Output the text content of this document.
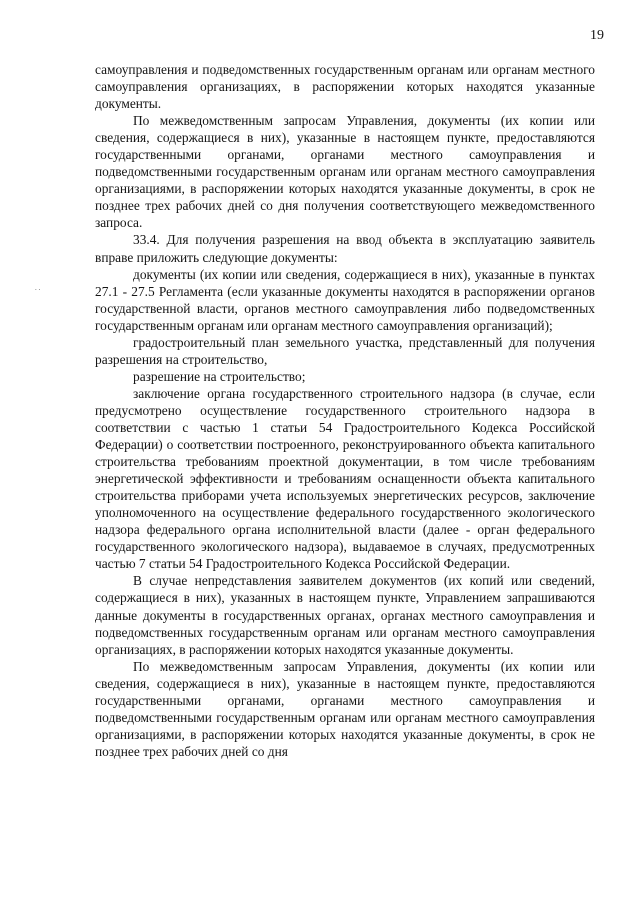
19
. .

самоуправления и подведомственных государственным органам или органам местного самоуправления организациях, в распоряжении которых находятся указанные документы.

По межведомственным запросам Управления, документы (их копии или сведения, содержащиеся в них), указанные в настоящем пункте, предоставляются государственными органами, органами местного самоуправления и подведомственными государственным органам или органам местного самоуправления организациями, в распоряжении которых находятся указанные документы, в срок не позднее трех рабочих дней со дня получения соответствующего межведомственного запроса.

33.4. Для получения разрешения на ввод объекта в эксплуатацию заявитель вправе приложить следующие документы:

документы (их копии или сведения, содержащиеся в них), указанные в пунктах 27.1 - 27.5 Регламента (если указанные документы находятся в распоряжении органов государственной власти, органов местного самоуправления либо подведомственных государственным органам или органам местного самоуправления организаций);

градостроительный план земельного участка, представленный для получения разрешения на строительство,

разрешение на строительство;

заключение органа государственного строительного надзора (в случае, если предусмотрено осуществление государственного строительного надзора в соответствии с частью 1 статьи 54 Градостроительного Кодекса Российской Федерации) о соответствии построенного, реконструированного объекта капитального строительства требованиям проектной документации, в том числе требованиям энергетической эффективности и требованиям оснащенности объекта капитального строительства приборами учета используемых энергетических ресурсов, заключение уполномоченного на осуществление федерального государственного экологического надзора федерального органа исполнительной власти (далее - орган федерального государственного экологического надзора), выдаваемое в случаях, предусмотренных частью 7 статьи 54 Градостроительного Кодекса Российской Федерации.

В случае непредставления заявителем документов (их копий или сведений, содержащиеся в них), указанных в настоящем пункте, Управлением запрашиваются данные документы в государственных органах, органах местного самоуправления и подведомственных государственным органам или органам местного самоуправления организациях, в распоряжении которых находятся указанные документы.

По межведомственным запросам Управления, документы (их копии или сведения, содержащиеся в них), указанные в настоящем пункте, предоставляются государственными органами, органами местного самоуправления и подведомственными государственным органам или органам местного самоуправления организациями, в распоряжении которых находятся указанные документы, в срок не позднее трех рабочих дней со дня
